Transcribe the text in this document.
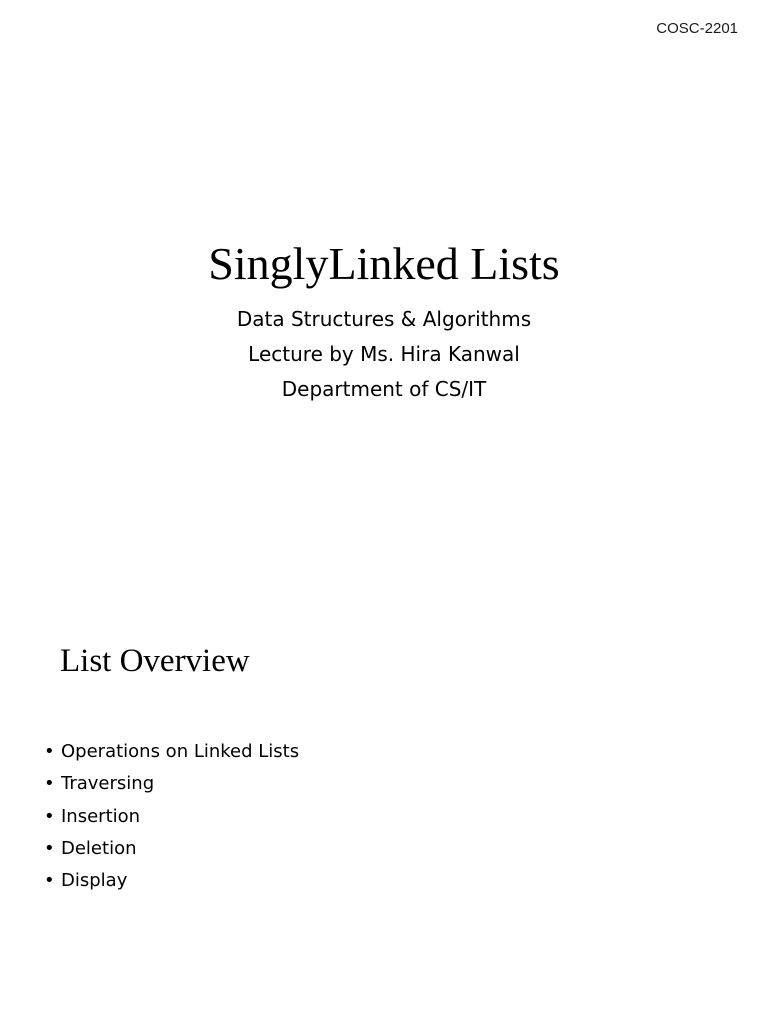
COSC-2201
SinglyLinked Lists
Data Structures & Algorithms
Lecture by Ms. Hira Kanwal
Department of CS/IT
List Overview
• Operations on Linked Lists
• Traversing
• Insertion
• Deletion
• Display
